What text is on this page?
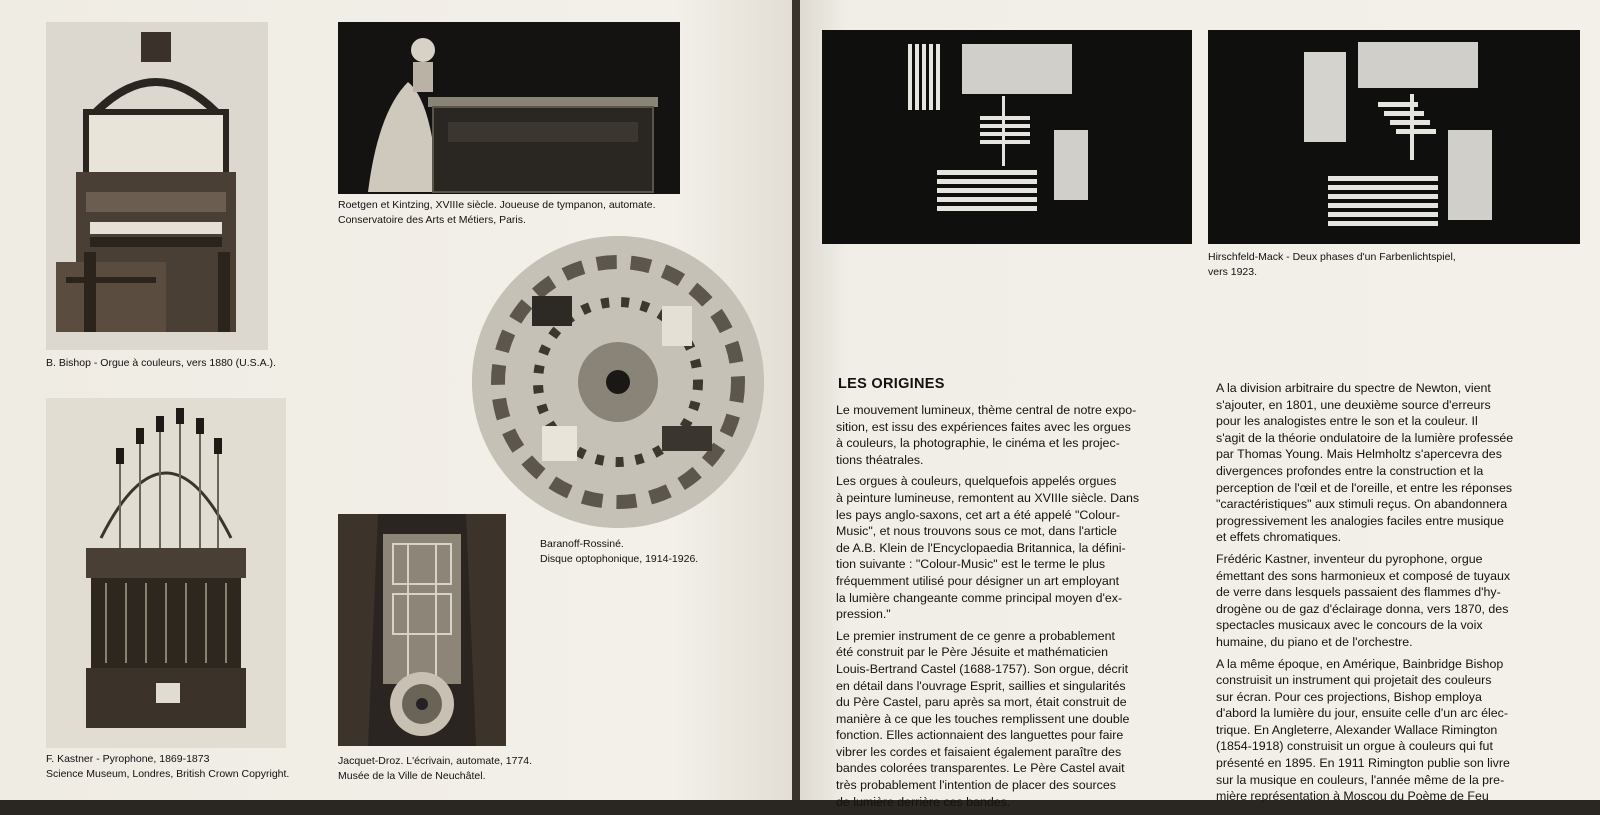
B. Bishop - Orgue à couleurs, vers 1880 (U.S.A.).
Roetgen et Kintzing, XVIIIe siècle. Joueuse de tympanon, automate.
Conservatoire des Arts et Métiers, Paris.
Baranoff-Rossiné.
Disque optophonique, 1914-1926.
F. Kastner - Pyrophone, 1869-1873
Science Museum, Londres, British Crown Copyright.
Jacquet-Droz. L'écrivain, automate, 1774.
Musée de la Ville de Neuchâtel.
Hirschfeld-Mack - Deux phases d'un Farbenlichtspiel,
vers 1923.
LES ORIGINES

Le mouvement lumineux, thème central de notre expo-
sition, est issu des expériences faites avec les orgues
à couleurs, la photographie, le cinéma et les projec-
tions théatrales.

Les orgues à couleurs, quelquefois appelés orgues
à peinture lumineuse, remontent au XVIIIe siècle. Dans
les pays anglo-saxons, cet art a été appelé "Colour-
Music", et nous trouvons sous ce mot, dans l'article
de A.B. Klein de l'Encyclopaedia Britannica, la défini-
tion suivante : "Colour-Music" est le terme le plus
fréquemment utilisé pour désigner un art employant
la lumière changeante comme principal moyen d'ex-
pression."

Le premier instrument de ce genre a probablement
été construit par le Père Jésuite et mathématicien
Louis-Bertrand Castel (1688-1757). Son orgue, décrit
en détail dans l'ouvrage Esprit, saillies et singularités
du Père Castel, paru après sa mort, était construit de
manière à ce que les touches remplissent une double
fonction. Elles actionnaient des languettes pour faire
vibrer les cordes et faisaient également paraître des
bandes colorées transparentes. Le Père Castel avait
très probablement l'intention de placer des sources
de lumière derrière ces bandes.

A la division arbitraire du spectre de Newton, vient
s'ajouter, en 1801, une deuxième source d'erreurs
pour les analogistes entre le son et la couleur. Il
s'agit de la théorie ondulatoire de la lumière professée
par Thomas Young. Mais Helmholtz s'apercevra des
divergences profondes entre la construction et la
perception de l'œil et de l'oreille, et entre les réponses
"caractéristiques" aux stimuli reçus. On abandonnera
progressivement les analogies faciles entre musique
et effets chromatiques.

Frédéric Kastner, inventeur du pyrophone, orgue
émettant des sons harmonieux et composé de tuyaux
de verre dans lesquels passaient des flammes d'hy-
drogène ou de gaz d'éclairage donna, vers 1870, des
spectacles musicaux avec le concours de la voix
humaine, du piano et de l'orchestre.

A la même époque, en Amérique, Bainbridge Bishop
construisit un instrument qui projetait des couleurs
sur écran. Pour ces projections, Bishop employa
d'abord la lumière du jour, ensuite celle d'un arc élec-
trique. En Angleterre, Alexander Wallace Rimington
(1854-1918) construisit un orgue à couleurs qui fut
présenté en 1895. En 1911 Rimington publie son livre
sur la musique en couleurs, l'année même de la pre-
mière représentation à Moscou du Poème de Feu
